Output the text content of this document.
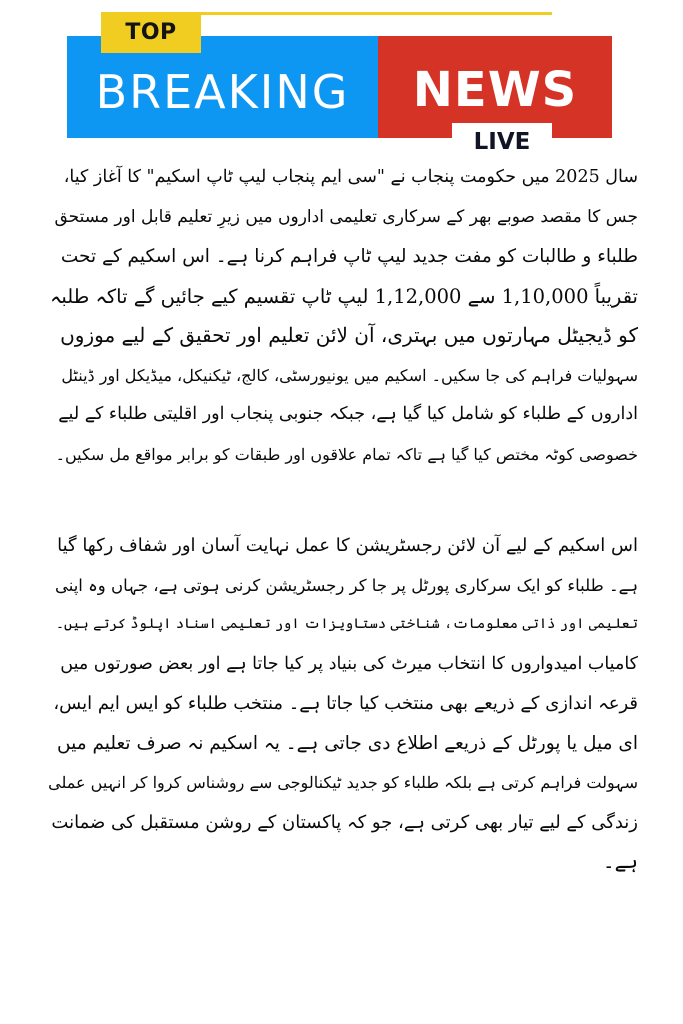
TOP
BREAKING NEWS
LIVE

سال 2025 میں حکومت پنجاب نے "سی ایم پنجاب لیپ ٹاپ اسکیم" کا آغاز کیا،
جس کا مقصد صوبے بھر کے سرکاری تعلیمی اداروں میں زیرِ تعلیم قابل اور مستحق
طلباء و طالبات کو مفت جدید لیپ ٹاپ فراہم کرنا ہے۔ اس اسکیم کے تحت
تقریباً 1,10,000 سے 1,12,000 لیپ ٹاپ تقسیم کیے جائیں گے تاکہ طلبہ
کو ڈیجیٹل مہارتوں میں بہتری، آن لائن تعلیم اور تحقیق کے لیے موزوں
سہولیات فراہم کی جا سکیں۔ اسکیم میں یونیورسٹی، کالج، ٹیکنیکل، میڈیکل اور ڈینٹل
اداروں کے طلباء کو شامل کیا گیا ہے، جبکہ جنوبی پنجاب اور اقلیتی طلباء کے لیے
خصوصی کوٹہ مختص کیا گیا ہے تاکہ تمام علاقوں اور طبقات کو برابر مواقع مل سکیں۔

اس اسکیم کے لیے آن لائن رجسٹریشن کا عمل نہایت آسان اور شفاف رکھا گیا
ہے۔ طلباء کو ایک سرکاری پورٹل پر جا کر رجسٹریشن کرنی ہوتی ہے، جہاں وہ اپنی
تعلیمی اور ذاتی معلومات، شناختی دستاویزات اور تعلیمی اسناد اپلوڈ کرتے ہیں۔
کامیاب امیدواروں کا انتخاب میرٹ کی بنیاد پر کیا جاتا ہے اور بعض صورتوں میں
قرعہ اندازی کے ذریعے بھی منتخب کیا جاتا ہے۔ منتخب طلباء کو ایس ایم ایس،
ای میل یا پورٹل کے ذریعے اطلاع دی جاتی ہے۔ یہ اسکیم نہ صرف تعلیم میں
سہولت فراہم کرتی ہے بلکہ طلباء کو جدید ٹیکنالوجی سے روشناس کروا کر انہیں عملی
زندگی کے لیے تیار بھی کرتی ہے، جو کہ پاکستان کے روشن مستقبل کی ضمانت
ہے۔
